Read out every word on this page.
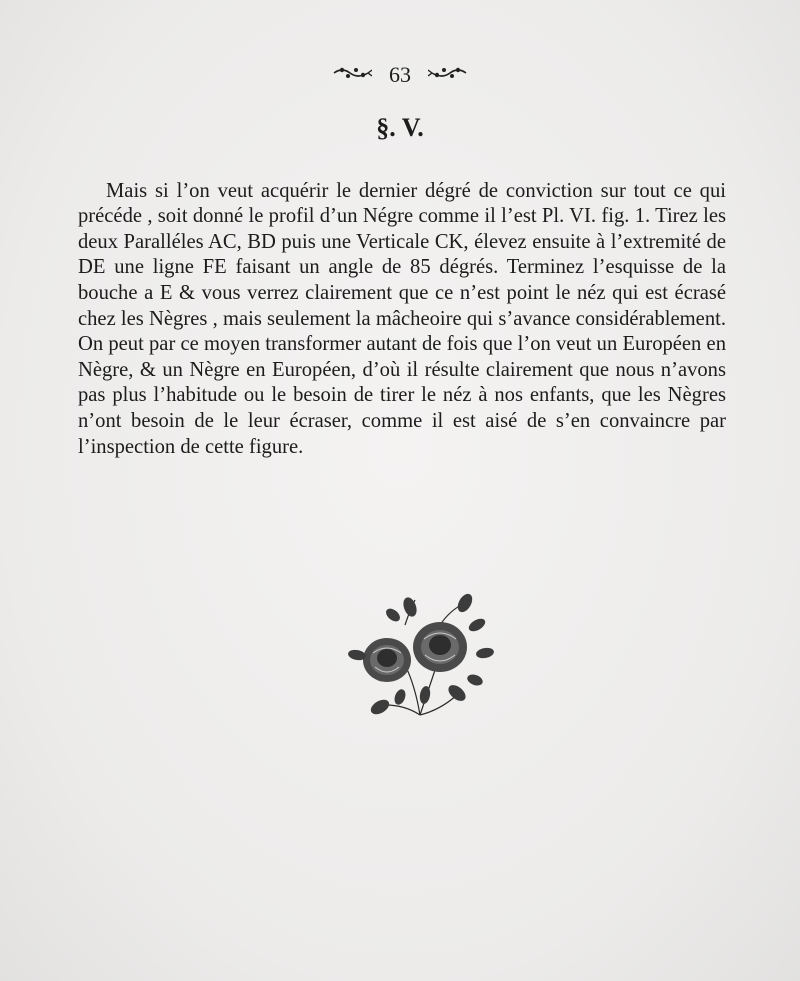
63
§. V.

Mais si l’on veut acquérir le dernier dégré de conviction sur tout ce qui précéde , soit donné le profil d’un Négre comme il l’est Pl. VI. fig. 1. Tirez les deux Paralléles AC, BD puis une Verticale CK, élevez ensuite à l’extremité de DE une ligne FE faisant un angle de 85 dégrés. Terminez l’esquisse de la bouche a E & vous verrez clairement que ce n’est point le néz qui est écrasé chez les Nègres , mais seulement la mâcheoire qui s’avance considérablement. On peut par ce moyen transformer autant de fois que l’on veut un Européen en Nègre, & un Nègre en Européen, d’où il résulte clairement que nous n’avons pas plus l’habitude ou le besoin de tirer le néz à nos enfants, que les Nègres n’ont besoin de le leur écraser, comme il est aisé de s’en convaincre par l’inspection de cette figure.
